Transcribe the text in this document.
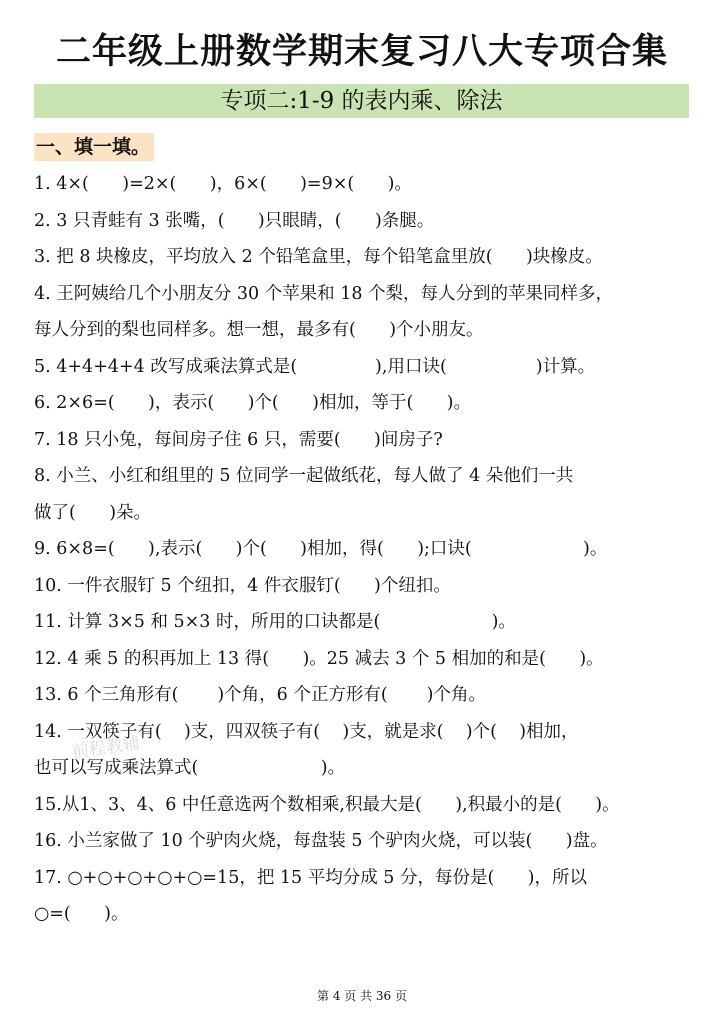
二年级上册数学期末复习八大专项合集
专项二:1-9 的表内乘、除法
一、填一填。
1. 4×(      )=2×(      )，6×(      )=9×(      )。
2. 3 只青蛙有 3 张嘴，(      )只眼睛，(      )条腿。
3. 把 8 块橡皮，平均放入 2 个铅笔盒里，每个铅笔盒里放(      )块橡皮。
4. 王阿姨给几个小朋友分 30 个苹果和 18 个梨，每人分到的苹果同样多，
每人分到的梨也同样多。想一想，最多有(      )个小朋友。
5. 4+4+4+4 改写成乘法算式是(              ),用口诀(                )计算。
6. 2×6=(      )，表示(      )个(      )相加，等于(      )。
7. 18 只小兔，每间房子住 6 只，需要(      )间房子?
8. 小兰、小红和组里的 5 位同学一起做纸花，每人做了 4 朵他们一共
做了(      )朵。
9. 6×8=(      ),表示(      )个(      )相加，得(      );口诀(                    )。
10. 一件衣服钉 5 个纽扣，4 件衣服钉(      )个纽扣。
11. 计算 3×5 和 5×3 时，所用的口诀都是(                    )。
12. 4 乘 5 的积再加上 13 得(      )。25 减去 3 个 5 相加的和是(      )。
13. 6 个三角形有(       )个角，6 个正方形有(       )个角。
14. 一双筷子有(    )支，四双筷子有(    )支，就是求(    )个(    )相加，
也可以写成乘法算式(                      )。
15.从1、3、4、6 中任意选两个数相乘,积最大是(      ),积最小的是(      )。
16. 小兰家做了 10 个驴肉火烧，每盘装 5 个驴肉火烧，可以装(      )盘。
17. ○+○+○+○+○=15，把 15 平均分成 5 分，每份是(      )，所以
○=(      )。
前程教辅
第 4 页 共 36 页
